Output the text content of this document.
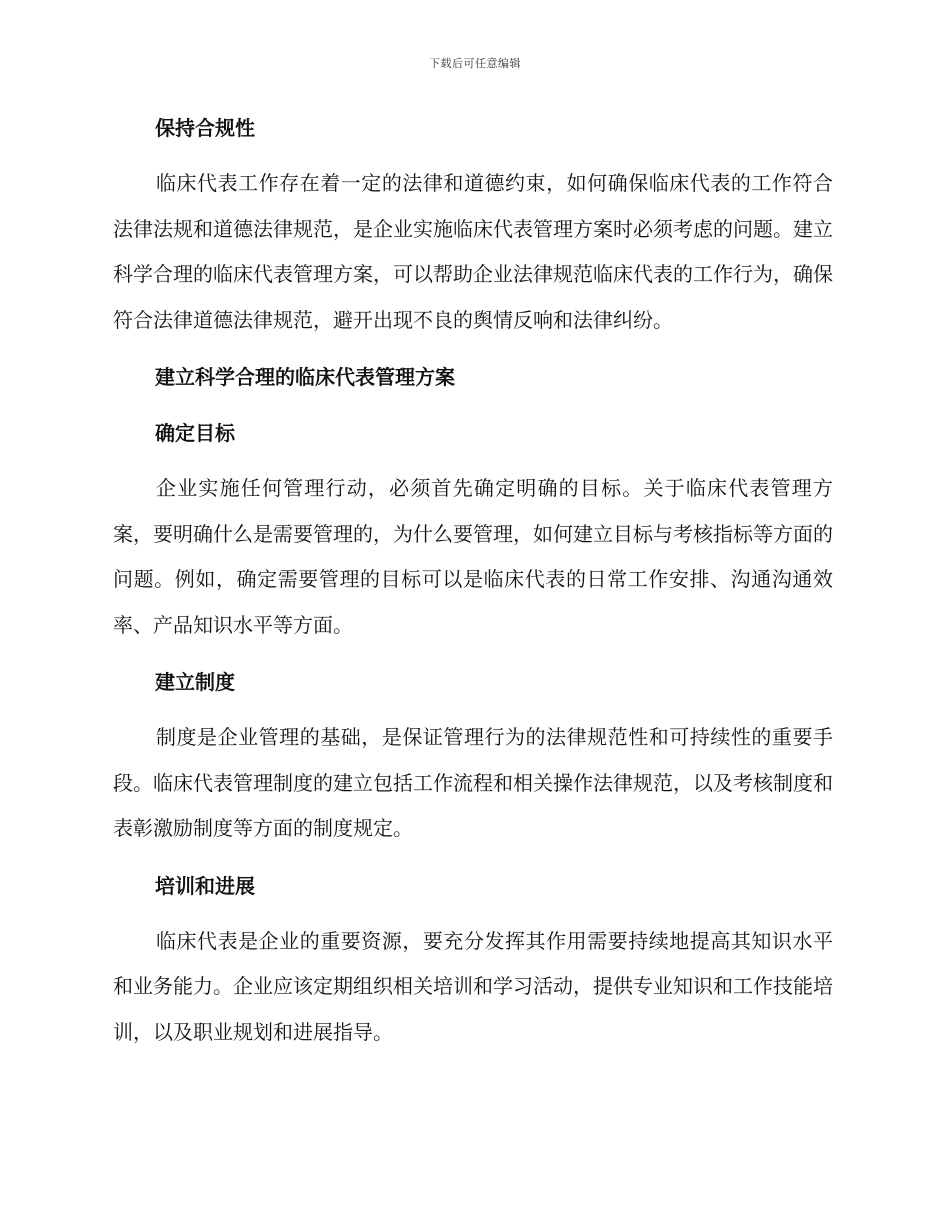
下载后可任意编辑

保持合规性

临床代表工作存在着一定的法律和道德约束，如何确保临床代表的工作符合法律法规和道德法律规范，是企业实施临床代表管理方案时必须考虑的问题。建立科学合理的临床代表管理方案，可以帮助企业法律规范临床代表的工作行为，确保符合法律道德法律规范，避开出现不良的舆情反响和法律纠纷。

建立科学合理的临床代表管理方案

确定目标

企业实施任何管理行动，必须首先确定明确的目标。关于临床代表管理方案，要明确什么是需要管理的，为什么要管理，如何建立目标与考核指标等方面的问题。例如，确定需要管理的目标可以是临床代表的日常工作安排、沟通沟通效率、产品知识水平等方面。

建立制度

制度是企业管理的基础，是保证管理行为的法律规范性和可持续性的重要手段。临床代表管理制度的建立包括工作流程和相关操作法律规范，以及考核制度和表彰激励制度等方面的制度规定。

培训和进展

临床代表是企业的重要资源，要充分发挥其作用需要持续地提高其知识水平和业务能力。企业应该定期组织相关培训和学习活动，提供专业知识和工作技能培训，以及职业规划和进展指导。
